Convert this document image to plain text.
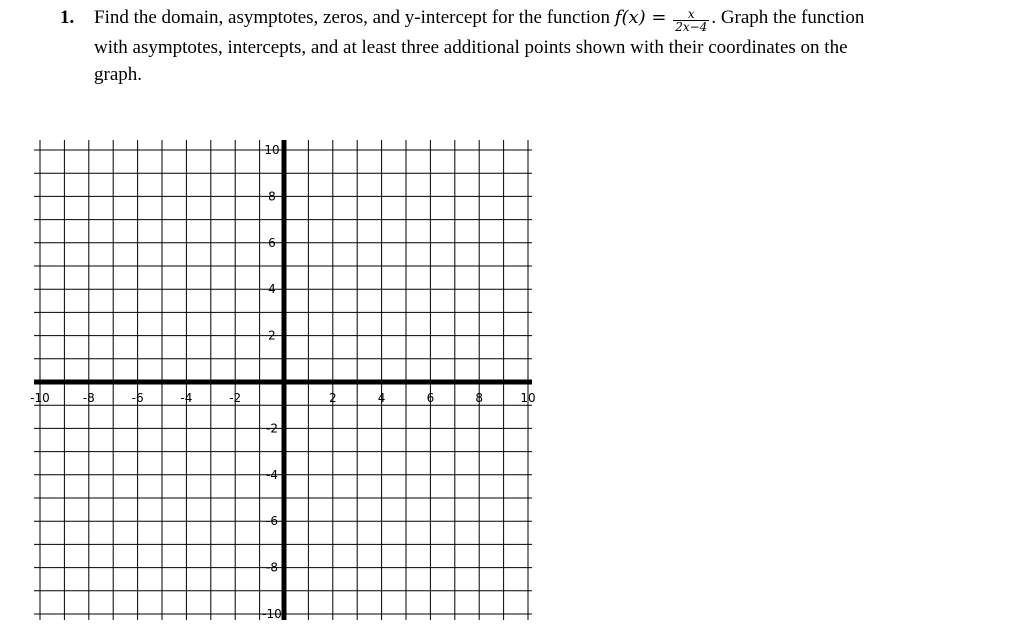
1. Find the domain, asymptotes, zeros, and y-intercept for the function $f(x) = \frac{x}{2x-4}$ . Graph the function
with asymptotes, intercepts, and at least three additional points shown with their coordinates on the
graph.
-10	-8	-6	-4	-2	2	4	6	8	10
10
8
6
4
2
-2
-4
-6
-8
-10
